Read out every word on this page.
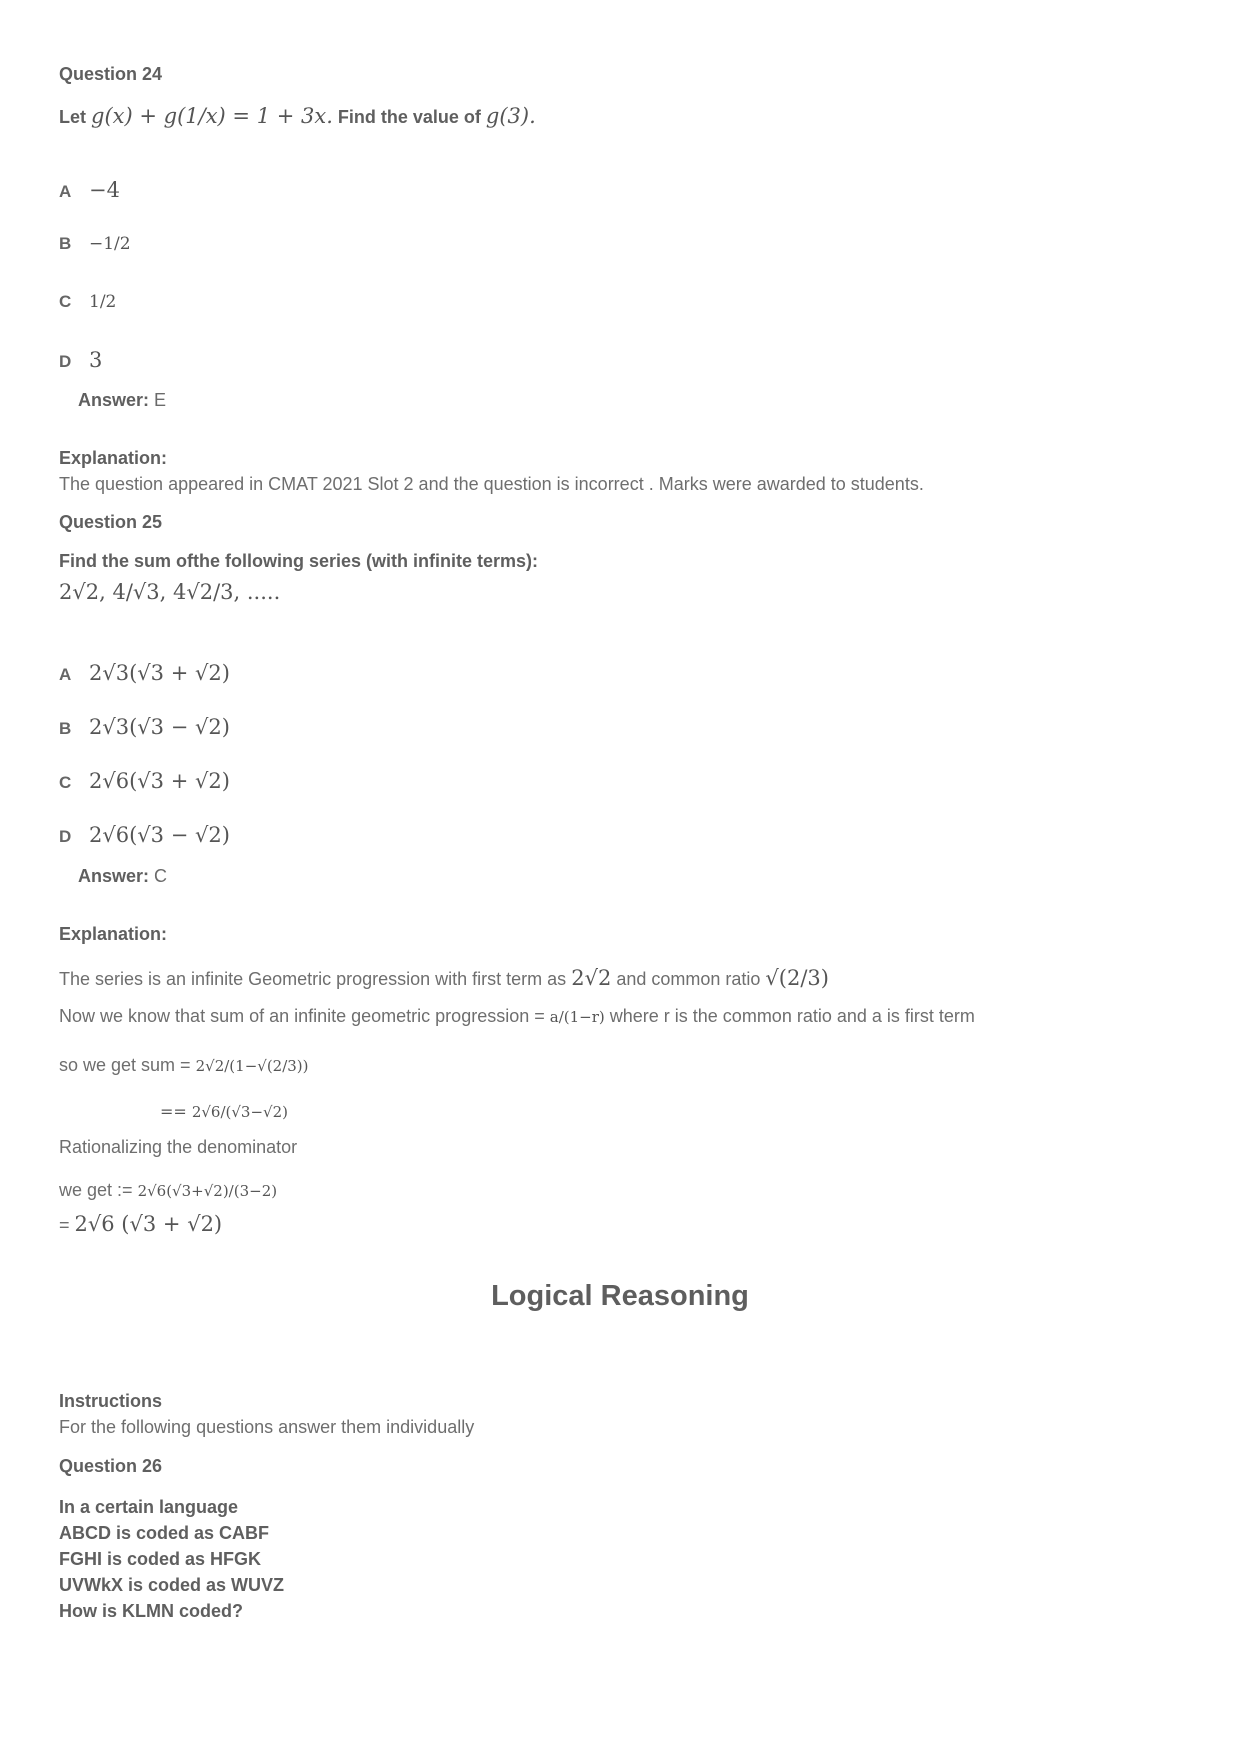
Question 24
Let g(x) + g(1/x) = 1 + 3x. Find the value of g(3).
A −4
B −1/2
C 1/2
D 3
Answer: E
Explanation:
The question appeared in CMAT 2021 Slot 2 and the question is incorrect . Marks were awarded to students.
Question 25
Find the sum ofthe following series (with infinite terms):
2√2, 4/√3, 4√2/3, .....
A 2√3(√3 + √2)
B 2√3(√3 − √2)
C 2√6(√3 + √2)
D 2√6(√3 − √2)
Answer: C
Explanation:
The series is an infinite Geometric progression with first term as 2√2 and common ratio √(2/3)
Now we know that sum of an infinite geometric progression = a/(1−r) where r is the common ratio and a is first term
so we get sum = 2√2/(1−√(2/3))
== 2√6/(√3−√2)
Rationalizing the denominator
we get := 2√6(√3+√2)/(3−2)
= 2√6 (√3 + √2)
Logical Reasoning
Instructions
For the following questions answer them individually
Question 26
In a certain language
ABCD is coded as CABF
FGHI is coded as HFGK
UVWkX is coded as WUVZ
How is KLMN coded?
